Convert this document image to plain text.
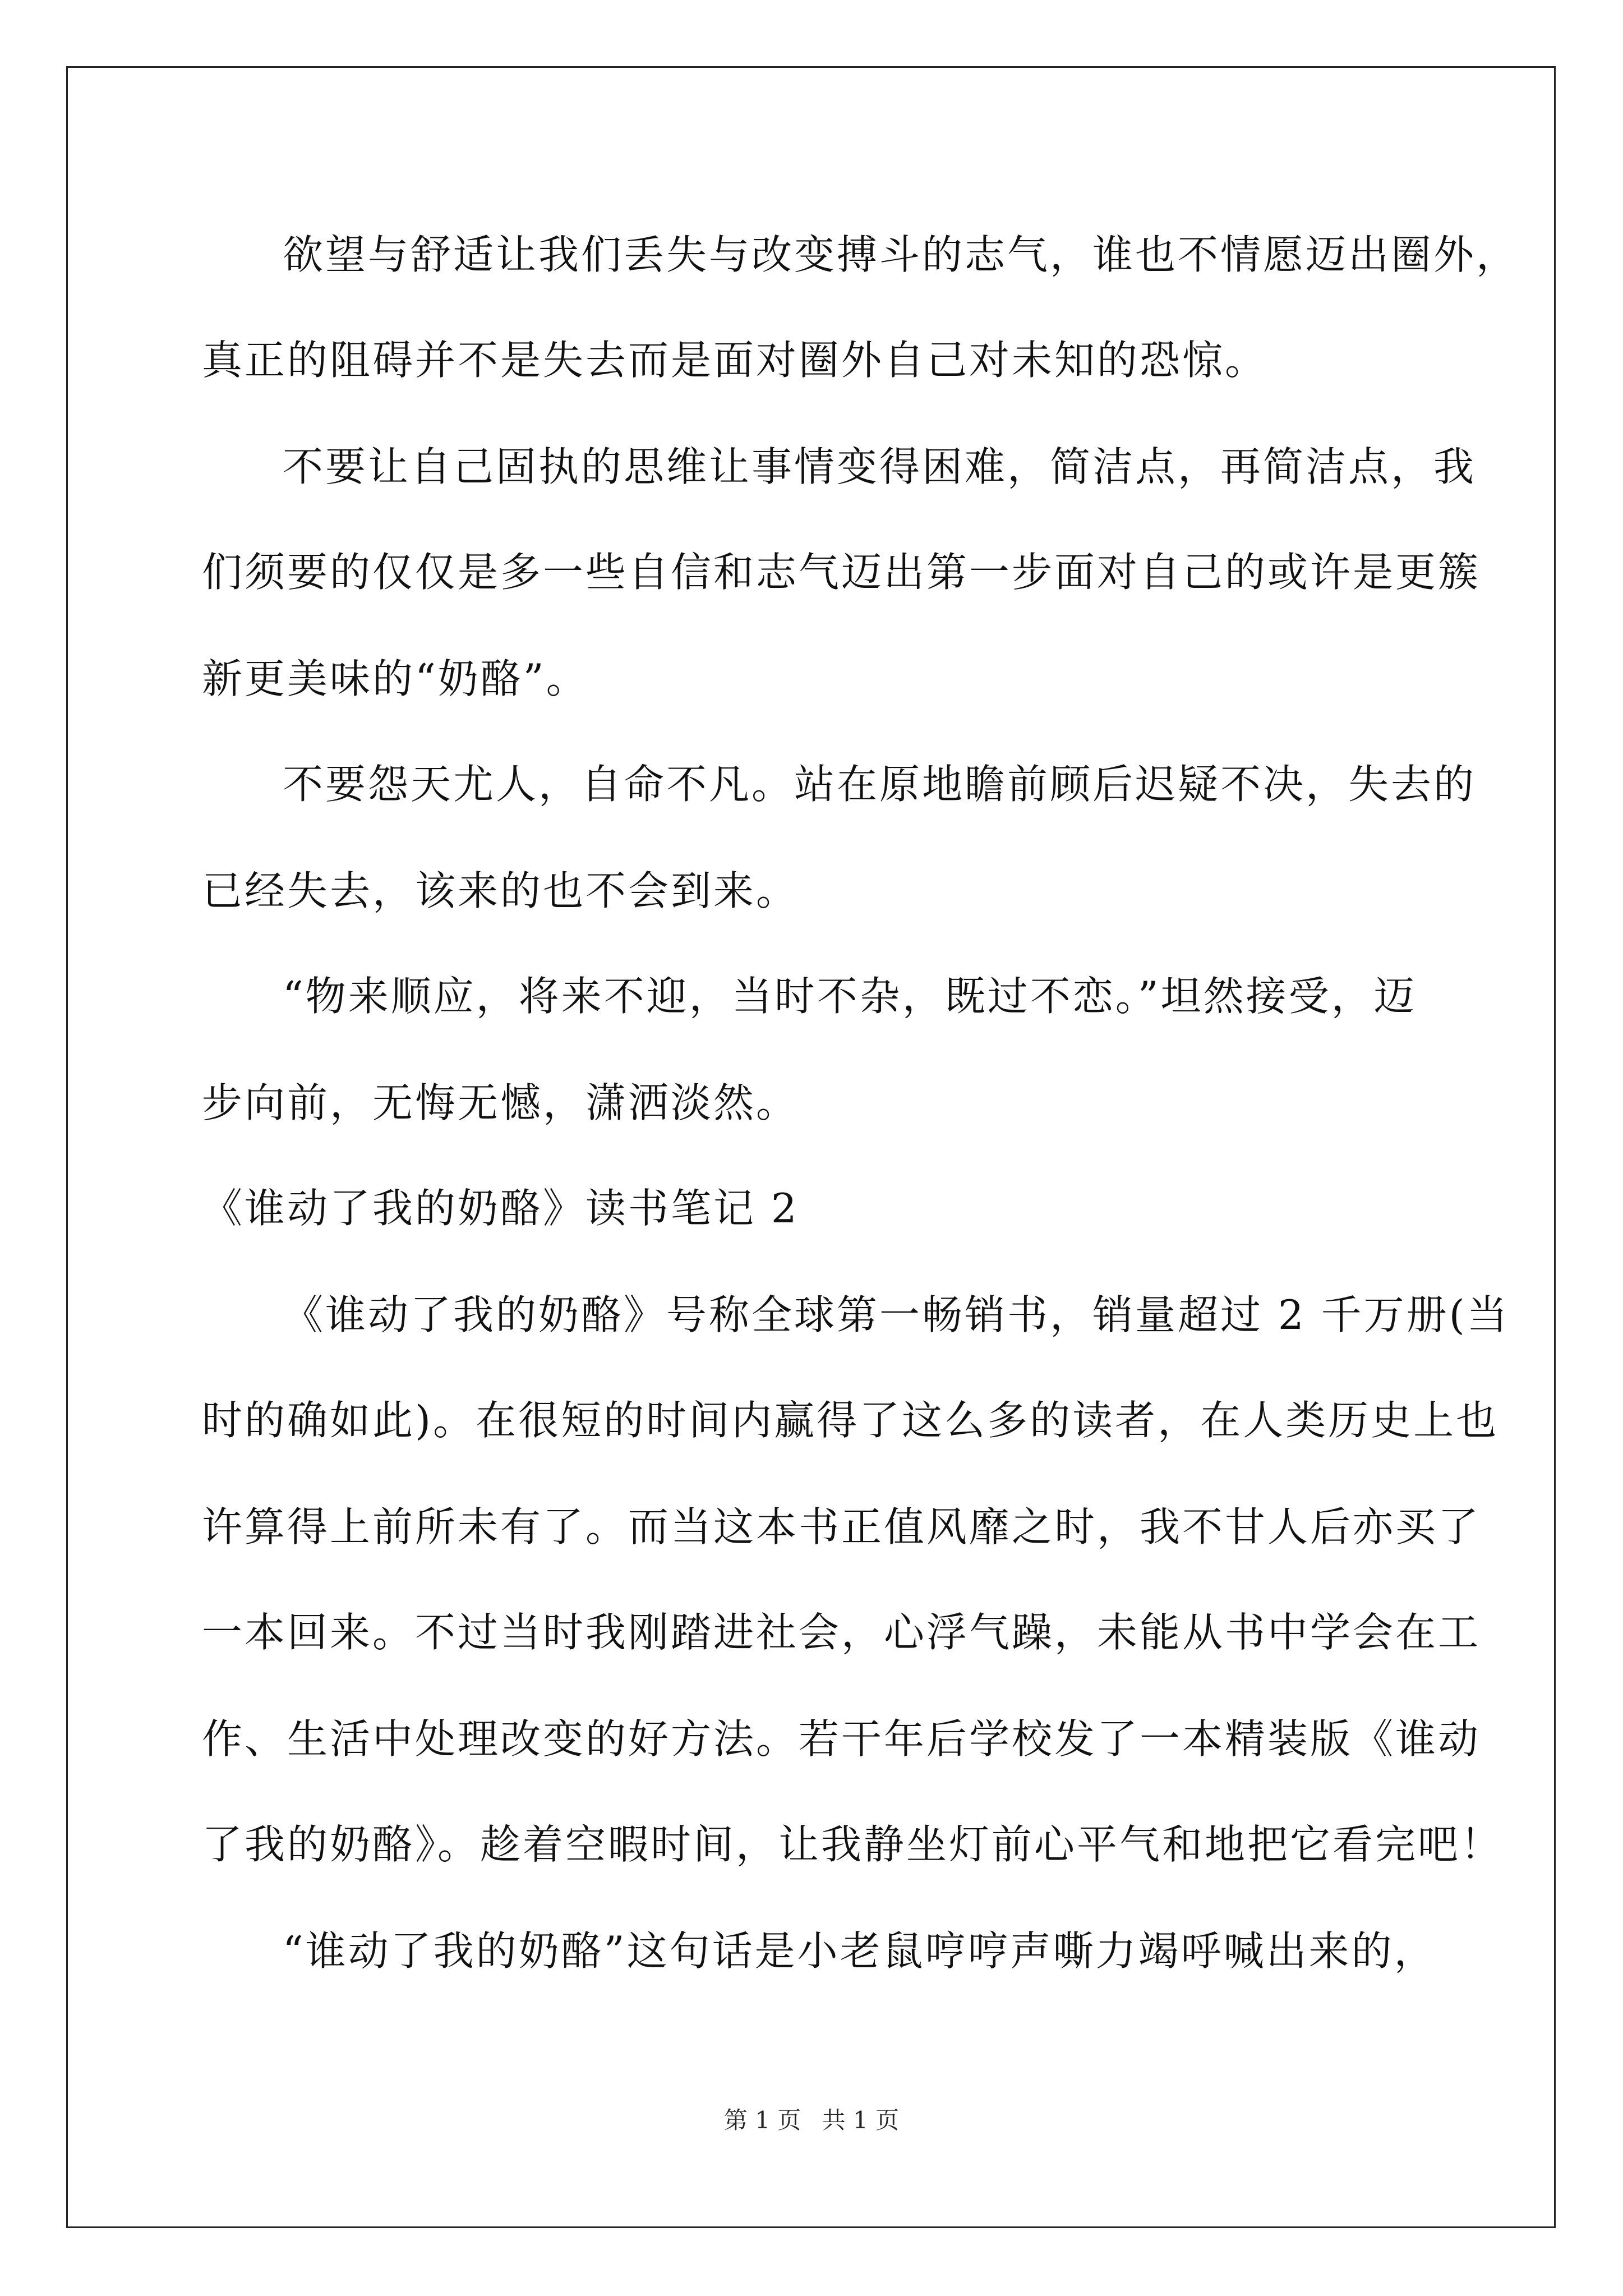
欲望与舒适让我们丢失与改变搏斗的志气，谁也不情愿迈出圈外，
真正的阻碍并不是失去而是面对圈外自己对未知的恐惊。
不要让自己固执的思维让事情变得困难，简洁点，再简洁点，我
们须要的仅仅是多一些自信和志气迈出第一步面对自己的或许是更簇
新更美味的“奶酪”。
不要怨天尤人，自命不凡。站在原地瞻前顾后迟疑不决，失去的
已经失去，该来的也不会到来。
“物来顺应，将来不迎，当时不杂，既过不恋。”坦然接受，迈
步向前，无悔无憾，潇洒淡然。
《谁动了我的奶酪》读书笔记 2
《谁动了我的奶酪》号称全球第一畅销书，销量超过 2 千万册(当
时的确如此)。在很短的时间内赢得了这么多的读者，在人类历史上也
许算得上前所未有了。而当这本书正值风靡之时，我不甘人后亦买了
一本回来。不过当时我刚踏进社会，心浮气躁，未能从书中学会在工
作、生活中处理改变的好方法。若干年后学校发了一本精装版《谁动
了我的奶酪》。趁着空暇时间，让我静坐灯前心平气和地把它看完吧！
“谁动了我的奶酪”这句话是小老鼠哼哼声嘶力竭呼喊出来的，
第 1 页 共 1 页
